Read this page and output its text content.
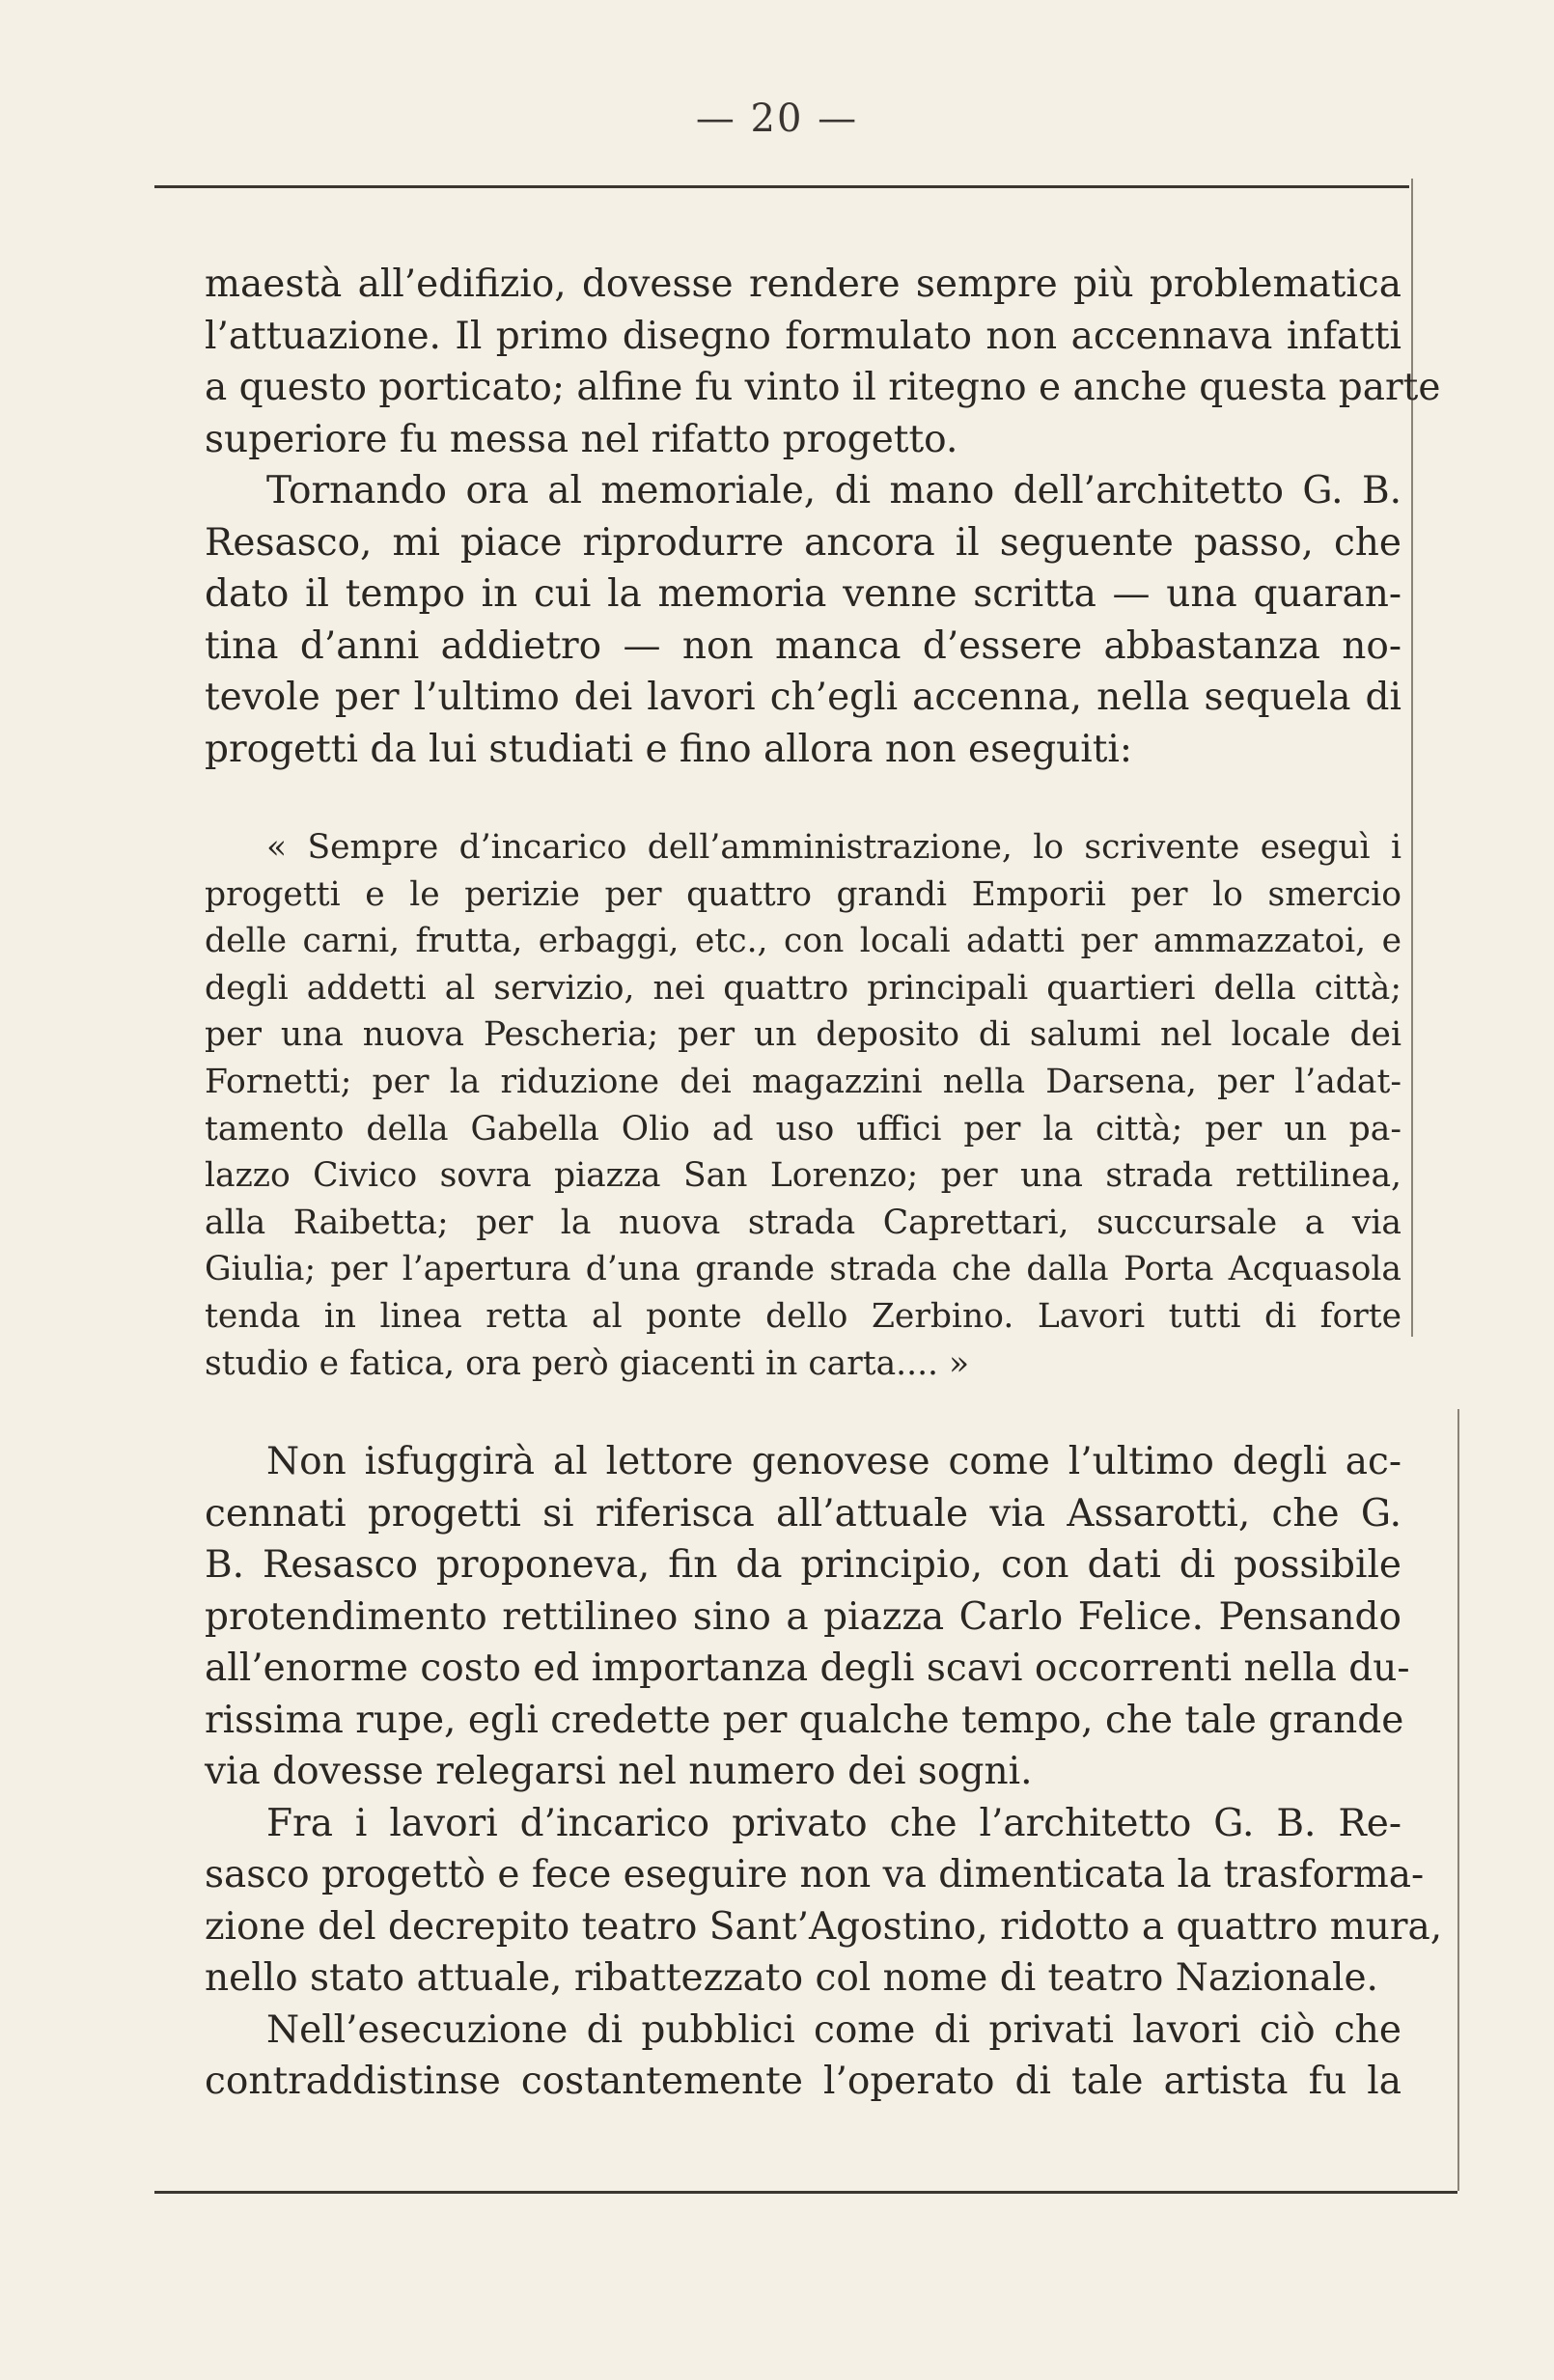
— 20 —
maestà all’edifizio, dovesse rendere sempre più problematica
l’attuazione. Il primo disegno formulato non accennava infatti
a questo porticato; alfine fu vinto il ritegno e anche questa parte
superiore fu messa nel rifatto progetto.
Tornando ora al memoriale, di mano dell’architetto G. B.
Resasco, mi piace riprodurre ancora il seguente passo, che
dato il tempo in cui la memoria venne scritta — una quaran-
tina d’anni addietro — non manca d’essere abbastanza no-
tevole per l’ultimo dei lavori ch’egli accenna, nella sequela di
progetti da lui studiati e fino allora non eseguiti:
« Sempre d’incarico dell’amministrazione, lo scrivente eseguì i
progetti e le perizie per quattro grandi Emporii per lo smercio
delle carni, frutta, erbaggi, etc., con locali adatti per ammazzatoi, e
degli addetti al servizio, nei quattro principali quartieri della città;
per una nuova Pescheria; per un deposito di salumi nel locale dei
Fornetti; per la riduzione dei magazzini nella Darsena, per l’adat-
tamento della Gabella Olio ad uso uffici per la città; per un pa-
lazzo Civico sovra piazza San Lorenzo; per una strada rettilinea,
alla Raibetta; per la nuova strada Caprettari, succursale a via
Giulia; per l’apertura d’una grande strada che dalla Porta Acquasola
tenda in linea retta al ponte dello Zerbino. Lavori tutti di forte
studio e fatica, ora però giacenti in carta.... »
Non isfuggirà al lettore genovese come l’ultimo degli ac-
cennati progetti si riferisca all’attuale via Assarotti, che G.
B. Resasco proponeva, fin da principio, con dati di possibile
protendimento rettilineo sino a piazza Carlo Felice. Pensando
all’enorme costo ed importanza degli scavi occorrenti nella du-
rissima rupe, egli credette per qualche tempo, che tale grande
via dovesse relegarsi nel numero dei sogni.
Fra i lavori d’incarico privato che l’architetto G. B. Re-
sasco progettò e fece eseguire non va dimenticata la trasforma-
zione del decrepito teatro Sant’Agostino, ridotto a quattro mura,
nello stato attuale, ribattezzato col nome di teatro Nazionale.
Nell’esecuzione di pubblici come di privati lavori ciò che
contraddistinse costantemente l’operato di tale artista fu la
